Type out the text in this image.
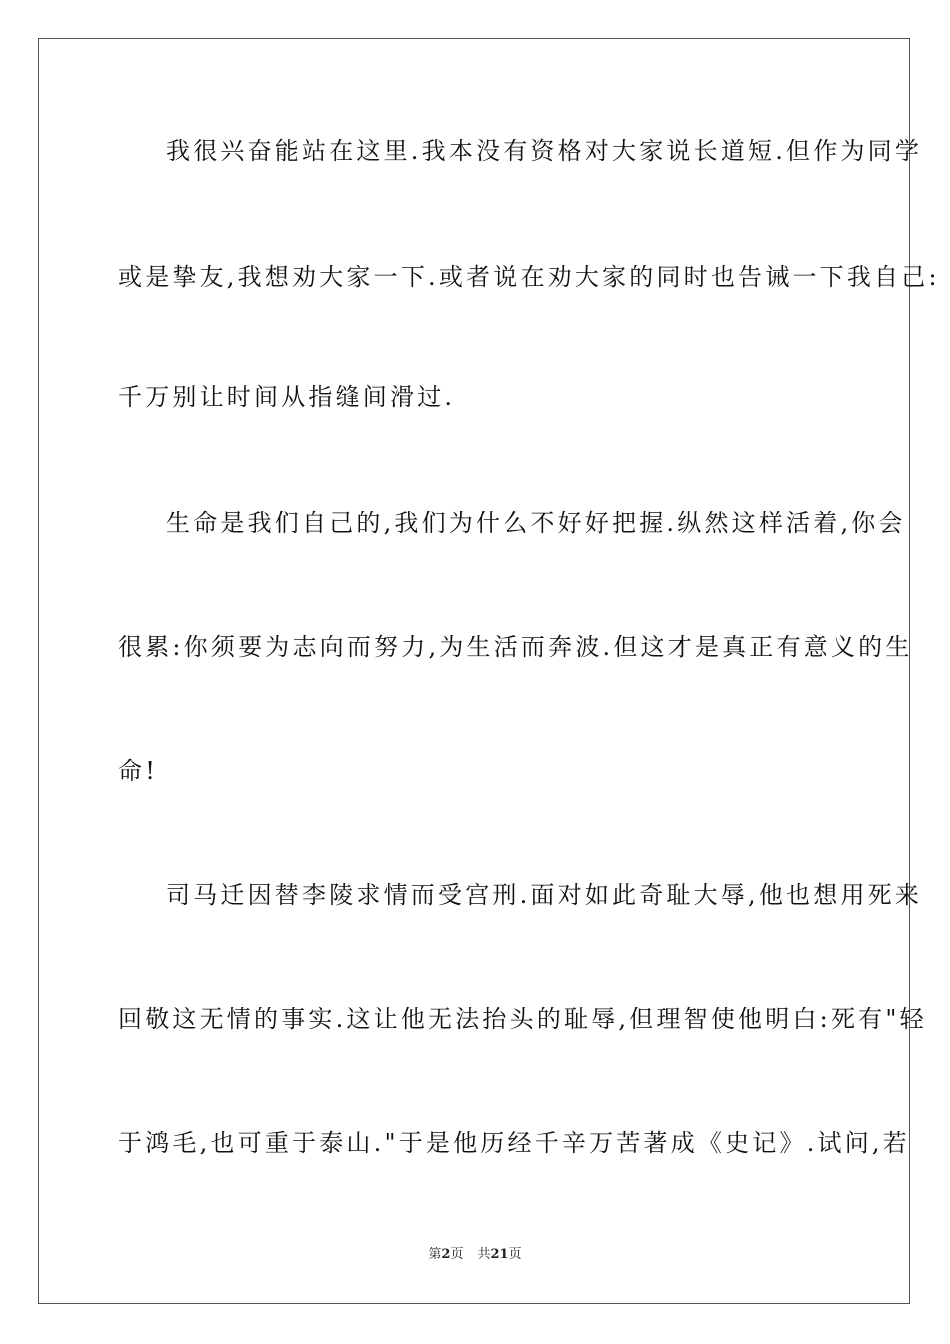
我很兴奋能站在这里.我本没有资格对大家说长道短.但作为同学
或是挚友,我想劝大家一下.或者说在劝大家的同时也告诫一下我自己:
千万别让时间从指缝间滑过.
生命是我们自己的,我们为什么不好好把握.纵然这样活着,你会
很累:你须要为志向而努力,为生活而奔波.但这才是真正有意义的生
命!
司马迁因替李陵求情而受宫刑.面对如此奇耻大辱,他也想用死来
回敬这无情的事实.这让他无法抬头的耻辱,但理智使他明白:死有"轻
于鸿毛,也可重于泰山."于是他历经千辛万苦著成《史记》.试问,若
第2页 共21页
